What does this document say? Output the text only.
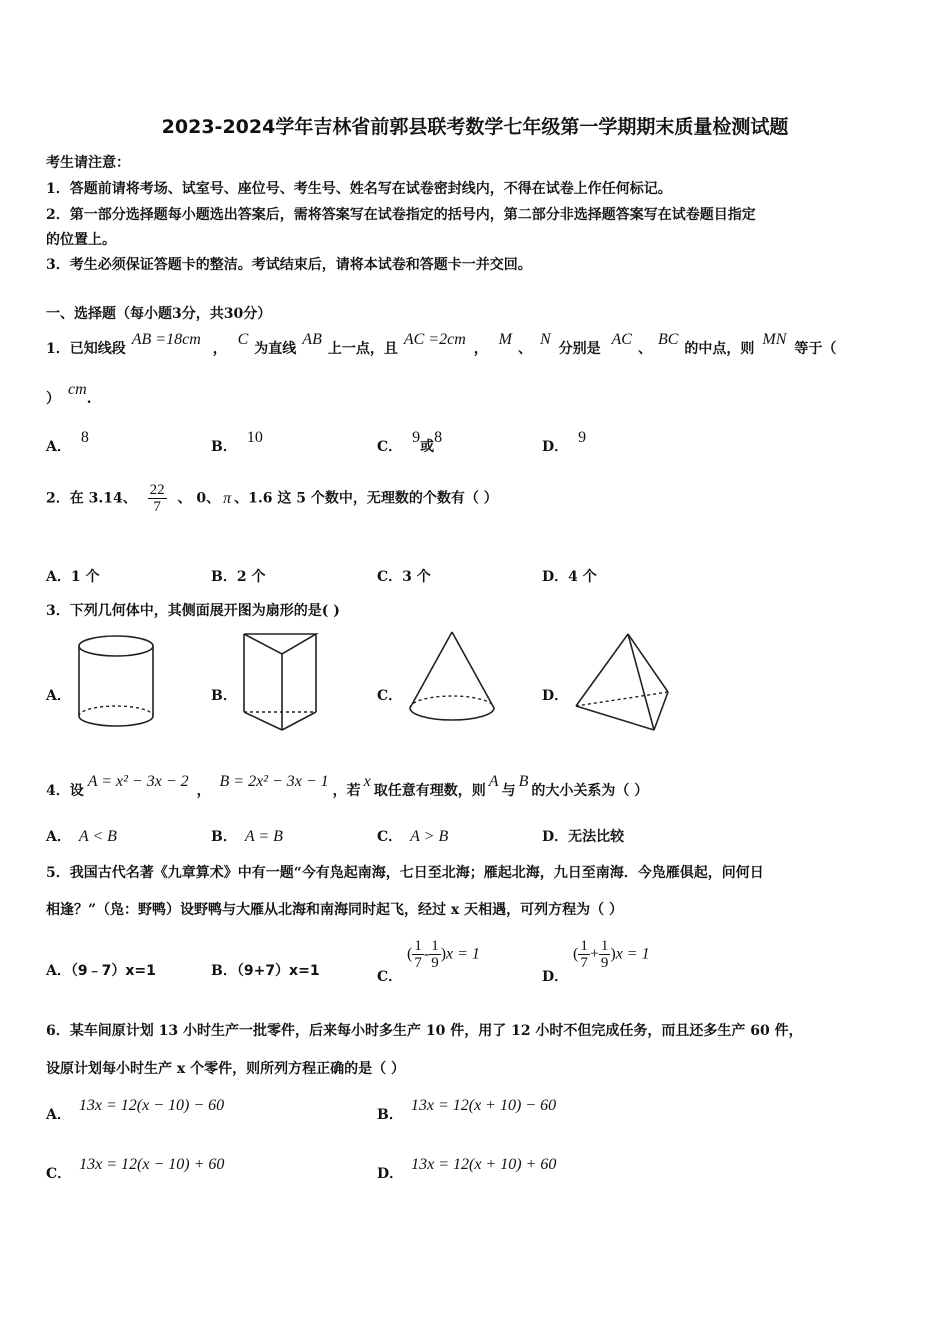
2023-2024学年吉林省前郭县联考数学七年级第一学期期末质量检测试题
考生请注意：
1．答题前请将考场、试室号、座位号、考生号、姓名写在试卷密封线内，不得在试卷上作任何标记。
2．第一部分选择题每小题选出答案后，需将答案写在试卷指定的括号内，第二部分非选择题答案写在试卷题目指定
的位置上。
3．考生必须保证答题卡的整洁。考试结束后，请将本试卷和答题卡一并交回。
一、选择题（每小题3分，共30分）
1．已知线段AB =18cm， C为直线AB上一点，且AC =2cm， M、N分别是 AC、BC的中点，则MN等于（
）cm.
A．8
B．10
C．9或8
D．9
2．在 3.14、 $\frac{22}{7}$ 、 0、 π 、1.6 这 5 个数中，无理数的个数有（ ）
A．1 个	B．2 个	C．3 个	D．4 个
3．下列几何体中，其侧面展开图为扇形的是( )
A．	B．	C．	D．
4．设A = x² − 3x − 2， B = 2x² − 3x − 1，若x取任意有理数，则A与B的大小关系为（ ）
A． A < B	B． A = B	C． A > B	D．无法比较
5．我国古代名著《九章算术》中有一题“今有凫起南海，七日至北海；雁起北海，九日至南海．今凫雁俱起，问何日
相逢？”（凫：野鸭）设野鸭与大雁从北海和南海同时起飞，经过 x 天相遇，可列方程为（ ）
A．（9﹣7）x=1	B．（9+7）x=1	C． ( $\frac{1}{7} - \frac{1}{9} )x = 1$
D． ( $\frac{1}{7} + \frac{1}{9} )x = 1$
6．某车间原计划 13 小时生产一批零件，后来每小时多生产 10 件，用了 12 小时不但完成任务，而且还多生产 60 件，
设原计划每小时生产 x 个零件，则所列方程正确的是（ ）
A．13x = 12(x − 10) − 60
B．13x = 12(x + 10) − 60
C．13x = 12(x − 10) + 60
D．13x = 12(x + 10) + 60
